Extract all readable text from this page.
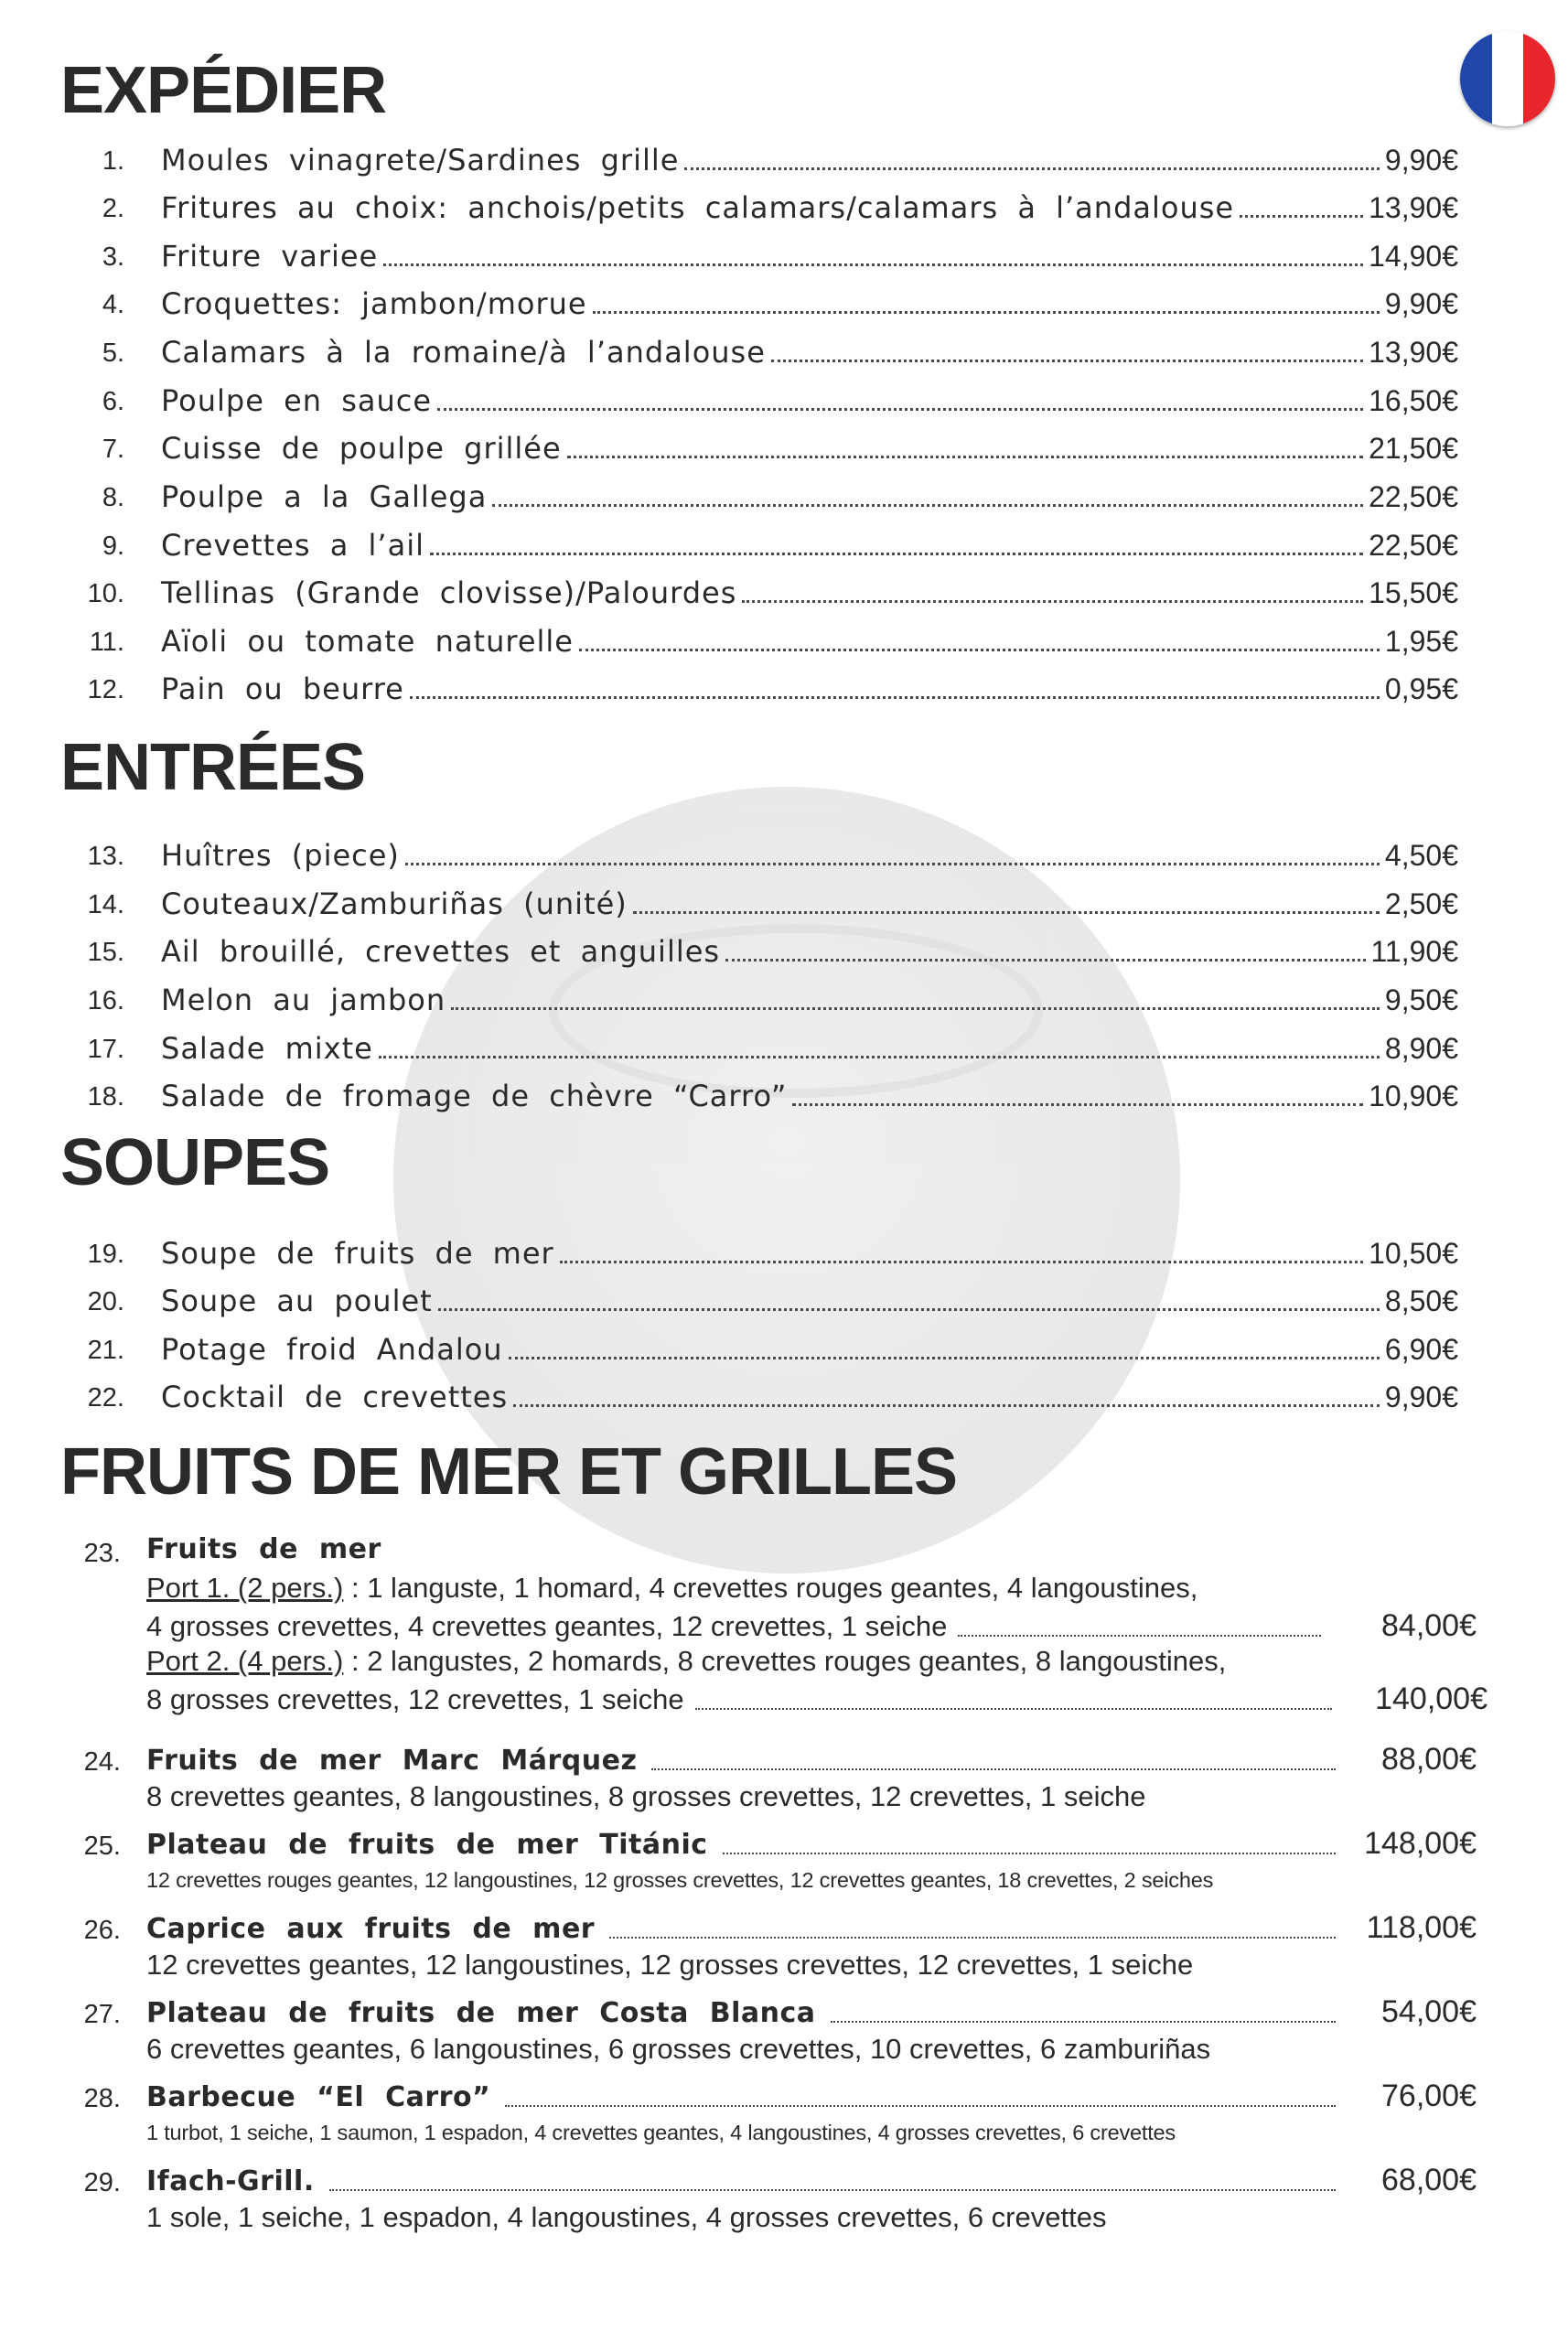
EXPÉDIER
1. Moules vinagrete/Sardines grille	9,90€
2. Fritures au choix: anchois/petits calamars/calamars à l’andalouse	13,90€
3. Friture variee	14,90€
4. Croquettes: jambon/morue	9,90€
5. Calamars à la romaine/à l’andalouse	13,90€
6. Poulpe en sauce	16,50€
7. Cuisse de poulpe grillée	21,50€
8. Poulpe a la Gallega	22,50€
9. Crevettes a l’ail	22,50€
10. Tellinas (Grande clovisse)/Palourdes	15,50€
11. Aïoli ou tomate naturelle	1,95€
12. Pain ou beurre	0,95€
ENTRÉES
13. Huîtres (piece)	4,50€
14. Couteaux/Zamburiñas (unité)	2,50€
15. Ail brouillé, crevettes et anguilles	11,90€
16. Melon au jambon	9,50€
17. Salade mixte	8,90€
18. Salade de fromage de chèvre “Carro”	10,90€
SOUPES
19. Soupe de fruits de mer	10,50€
20. Soupe au poulet	8,50€
21. Potage froid Andalou	6,90€
22. Cocktail de crevettes	9,90€
FRUITS DE MER ET GRILLES
23. Fruits de mer
Port 1. (2 pers.) : 1 languste, 1 homard, 4 crevettes rouges geantes, 4 langoustines,
4 grosses crevettes, 4 crevettes geantes, 12 crevettes, 1 seiche	84,00€
Port 2. (4 pers.) : 2 langustes, 2 homards, 8 crevettes rouges geantes, 8 langoustines,
8 grosses crevettes, 12 crevettes, 1 seiche	140,00€
24. Fruits de mer Marc Márquez	88,00€
8 crevettes geantes, 8 langoustines, 8 grosses crevettes, 12 crevettes, 1 seiche
25. Plateau de fruits de mer Titánic	148,00€
12 crevettes rouges geantes, 12 langoustines, 12 grosses crevettes, 12 crevettes geantes, 18 crevettes, 2 seiches
26. Caprice aux fruits de mer	118,00€
12 crevettes geantes, 12 langoustines, 12 grosses crevettes, 12 crevettes, 1 seiche
27. Plateau de fruits de mer Costa Blanca	54,00€
6 crevettes geantes, 6 langoustines, 6 grosses crevettes, 10 crevettes, 6 zamburiñas
28. Barbecue “El Carro”	76,00€
1 turbot, 1 seiche, 1 saumon, 1 espadon, 4 crevettes geantes, 4 langoustines, 4 grosses crevettes, 6 crevettes
29. Ifach-Grill.	68,00€
1 sole, 1 seiche, 1 espadon, 4 langoustines, 4 grosses crevettes, 6 crevettes
